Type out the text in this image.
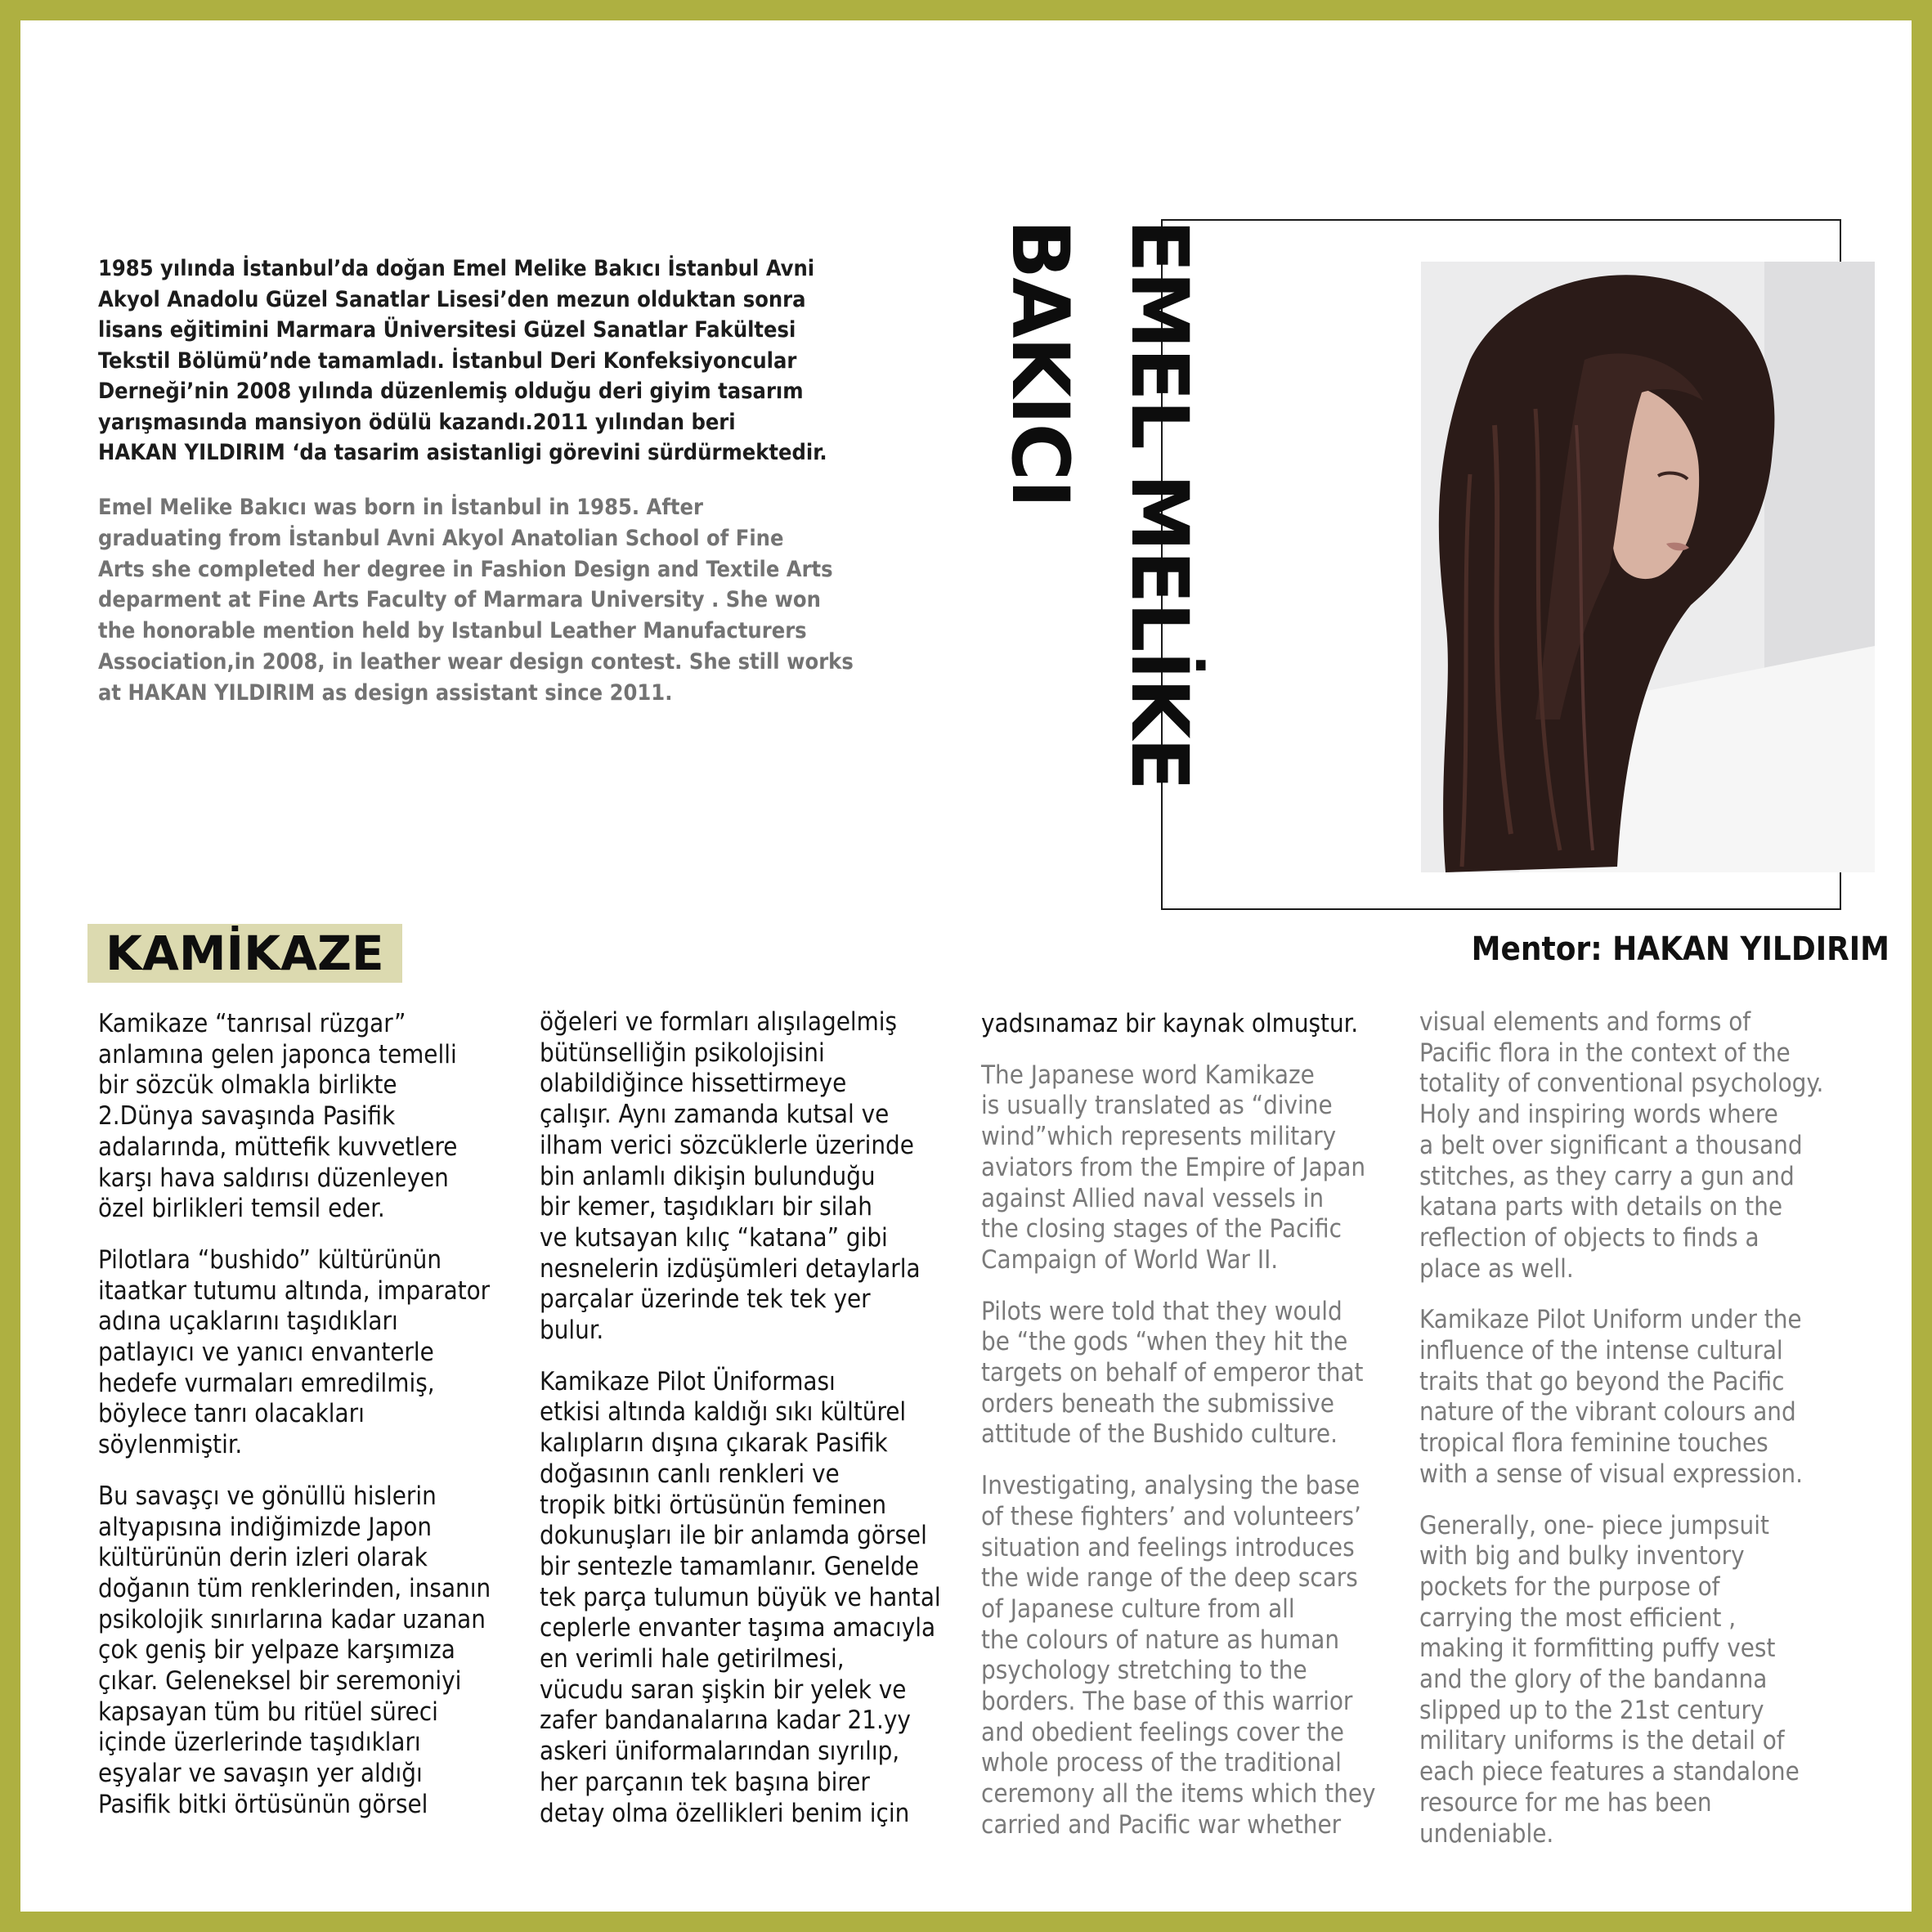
1985 yılında İstanbul’da doğan Emel Melike Bakıcı İstanbul Avni
Akyol Anadolu Güzel Sanatlar Lisesi’den mezun olduktan sonra
lisans eğitimini Marmara Üniversitesi Güzel Sanatlar Fakültesi
Tekstil Bölümü’nde tamamladı. İstanbul Deri Konfeksiyoncular
Derneği’nin 2008 yılında düzenlemiş olduğu deri giyim tasarım
yarışmasında mansiyon ödülü kazandı.2011 yılından beri
HAKAN YILDIRIM ‘da tasarim asistanligi görevini sürdürmektedir.

Emel Melike Bakıcı was born in İstanbul in 1985. After
graduating from İstanbul Avni Akyol Anatolian School of Fine
Arts she completed her degree in Fashion Design and Textile Arts
deparment at Fine Arts Faculty of Marmara University . She won
the honorable mention held by Istanbul Leather Manufacturers
Association,in 2008, in leather wear design contest. She still works
at HAKAN YILDIRIM as design assistant since 2011.	EMEL MELİKE

BAKICI

KAMİKAZE	Mentor: HAKAN YILDIRIM

Kamikaze “tanrısal rüzgar”
anlamına gelen japonca temelli
bir sözcük olmakla birlikte
2.Dünya savaşında Pasifik
adalarında, müttefik kuvvetlere
karşı hava saldırısı düzenleyen
özel birlikleri temsil eder.

Pilotlara “bushido” kültürünün
itaatkar tutumu altında, imparator
adına uçaklarını taşıdıkları
patlayıcı ve yanıcı envanterle
hedefe vurmaları emredilmiş,
böylece tanrı olacakları
söylenmiştir.

Bu savaşçı ve gönüllü hislerin
altyapısına indiğimizde Japon
kültürünün derin izleri olarak
doğanın tüm renklerinden, insanın
psikolojik sınırlarına kadar uzanan
çok geniş bir yelpaze karşımıza
çıkar. Geleneksel bir seremoniyi
kapsayan tüm bu ritüel süreci
içinde üzerlerinde taşıdıkları
eşyalar ve savaşın yer aldığı
Pasifik bitki örtüsünün görsel

öğeleri ve formları alışılagelmiş
bütünselliğin psikolojisini
olabildiğince hissettirmeye
çalışır. Aynı zamanda kutsal ve
ilham verici sözcüklerle üzerinde
bin anlamlı dikişin bulunduğu
bir kemer, taşıdıkları bir silah
ve kutsayan kılıç “katana” gibi
nesnelerin izdüşümleri detaylarla
parçalar üzerinde tek tek yer
bulur.

Kamikaze Pilot Üniforması
etkisi altında kaldığı sıkı kültürel
kalıpların dışına çıkarak Pasifik
doğasının canlı renkleri ve
tropik bitki örtüsünün feminen
dokunuşları ile bir anlamda görsel
bir sentezle tamamlanır. Genelde
tek parça tulumun büyük ve hantal
ceplerle envanter taşıma amacıyla
en verimli hale getirilmesi,
vücudu saran şişkin bir yelek ve
zafer bandanalarına kadar 21.yy
askeri üniformalarından sıyrılıp,
her parçanın tek başına birer
detay olma özellikleri benim için

yadsınamaz bir kaynak olmuştur.

The Japanese word Kamikaze
is usually translated as “divine
wind”which represents military
aviators from the Empire of Japan
against Allied naval vessels in
the closing stages of the Pacific
Campaign of World War II.

Pilots were told that they would
be “the gods “when they hit the
targets on behalf of emperor that
orders beneath the submissive
attitude of the Bushido culture.

Investigating, analysing the base
of these fighters’ and volunteers’
situation and feelings introduces
the wide range of the deep scars
of Japanese culture from all
the colours of nature as human
psychology stretching to the
borders. The base of this warrior
and obedient feelings cover the
whole process of the traditional
ceremony all the items which they
carried and Pacific war whether

visual elements and forms of
Pacific flora in the context of the
totality of conventional psychology.
Holy and inspiring words where
a belt over significant a thousand
stitches, as they carry a gun and
katana parts with details on the
reflection of objects to finds a
place as well.

Kamikaze Pilot Uniform under the
influence of the intense cultural
traits that go beyond the Pacific
nature of the vibrant colours and
tropical flora feminine touches
with a sense of visual expression.

Generally, one- piece jumpsuit
with big and bulky inventory
pockets for the purpose of
carrying the most efficient ,
making it formfitting puffy vest
and the glory of the bandanna
slipped up to the 21st century
military uniforms is the detail of
each piece features a standalone
resource for me has been
undeniable.
